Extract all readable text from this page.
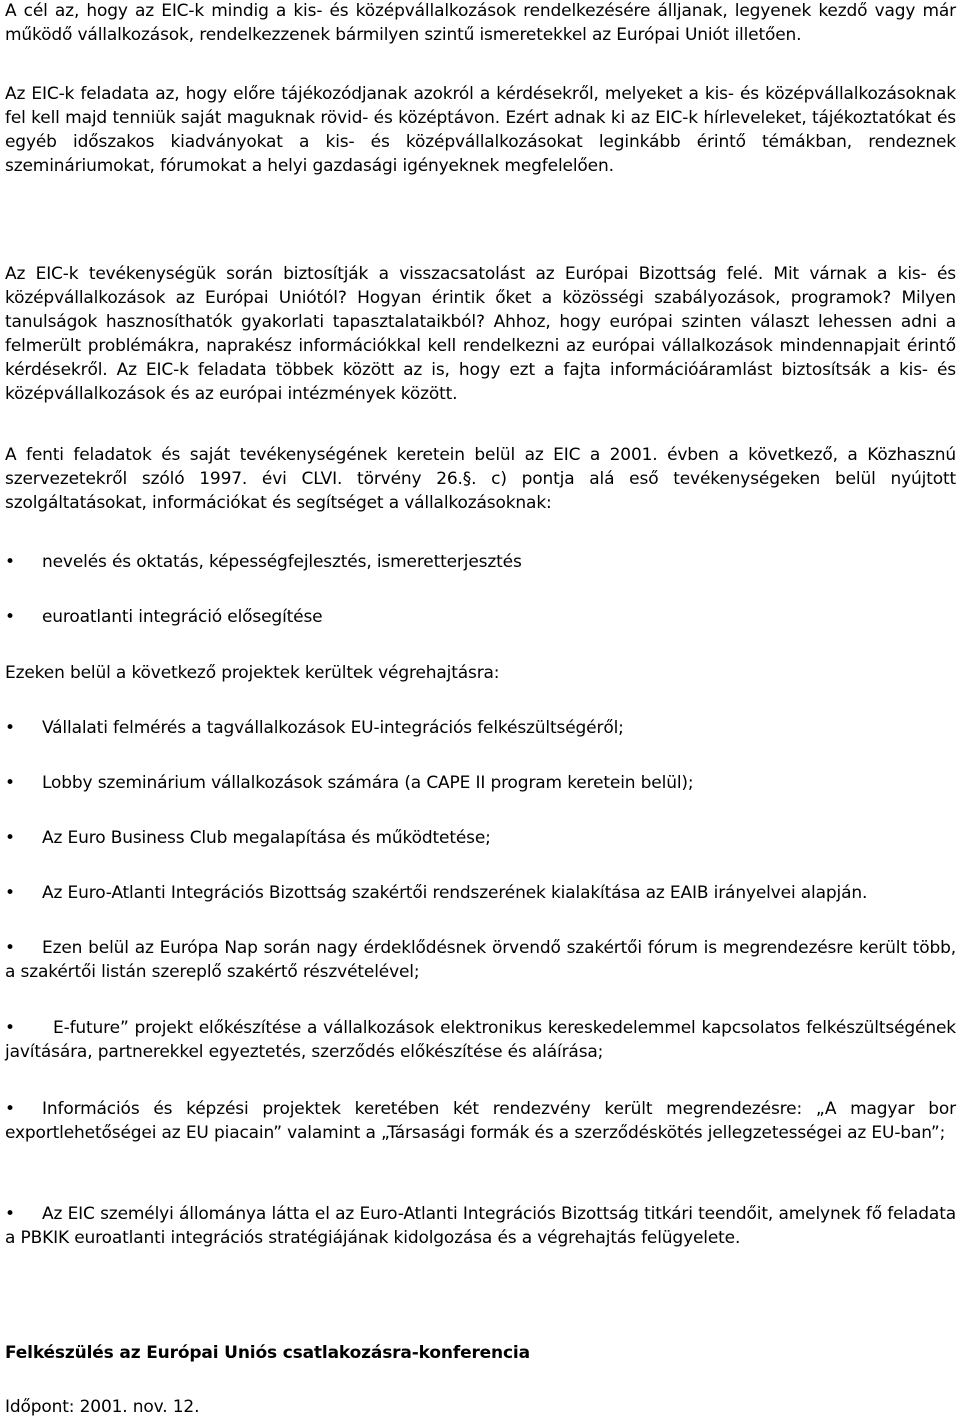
A cél az, hogy az EIC-k mindig a kis- és középvállalkozások rendelkezésére álljanak, legyenek kezdő vagy már működő vállalkozások, rendelkezzenek bármilyen szintű ismeretekkel az Európai Uniót illetően.

Az EIC-k feladata az, hogy előre tájékozódjanak azokról a kérdésekről, melyeket a kis- és középvállalkozásoknak fel kell majd tenniük saját maguknak rövid- és középtávon. Ezért adnak ki az EIC-k hírleveleket, tájékoztatókat és egyéb időszakos kiadványokat a kis- és középvállalkozásokat leginkább érintő témákban, rendeznek szemináriumokat, fórumokat a helyi gazdasági igényeknek megfelelően.

Az EIC-k tevékenységük során biztosítják a visszacsatolást az Európai Bizottság felé. Mit várnak a kis- és középvállalkozások az Európai Uniótól? Hogyan érintik őket a közösségi szabályozások, programok? Milyen tanulságok hasznosíthatók gyakorlati tapasztalataikból? Ahhoz, hogy európai szinten választ lehessen adni a felmerült problémákra, naprakész információkkal kell rendelkezni az európai vállalkozások mindennapjait érintő kérdésekről. Az EIC-k feladata többek között az is, hogy ezt a fajta információáramlást biztosítsák a kis- és középvállalkozások és az európai intézmények között.

A fenti feladatok és saját tevékenységének keretein belül az EIC a 2001. évben a következő, a Közhasznú szervezetekről szóló 1997. évi CLVI. törvény 26.§. c) pontja alá eső tevékenységeken belül nyújtott szolgáltatásokat, információkat és segítséget a vállalkozásoknak:

•	nevelés és oktatás, képességfejlesztés, ismeretterjesztés

•	euroatlanti integráció elősegítése

Ezeken belül a következő projektek kerültek végrehajtásra:

•	Vállalati felmérés a tagvállalkozások EU-integrációs felkészültségéről;

•	Lobby szeminárium vállalkozások számára (a CAPE II program keretein belül);

•	Az Euro Business Club megalapítása és működtetése;

•	Az Euro-Atlanti Integrációs Bizottság szakértői rendszerének kialakítása az EAIB irányelvei alapján.

•	Ezen belül az Európa Nap során nagy érdeklődésnek örvendő szakértői fórum is megrendezésre került több, a szakértői listán szereplő szakértő részvételével;

•	E-future” projekt előkészítése a vállalkozások elektronikus kereskedelemmel kapcsolatos felkészültségének javítására, partnerekkel egyeztetés, szerződés előkészítése és aláírása;

•	Információs és képzési projektek keretében két rendezvény került megrendezésre: „A magyar bor exportlehetőségei az EU piacain” valamint a „Társasági formák és a szerződéskötés jellegzetességei az EU-ban”;

•	Az EIC személyi állománya látta el az Euro-Atlanti Integrációs Bizottság titkári teendőit, amelynek fő feladata a PBKIK euroatlanti integrációs stratégiájának kidolgozása és a végrehajtás felügyelete.

Felkészülés az Európai Uniós csatlakozásra-konferencia

Időpont: 2001. nov. 12.
